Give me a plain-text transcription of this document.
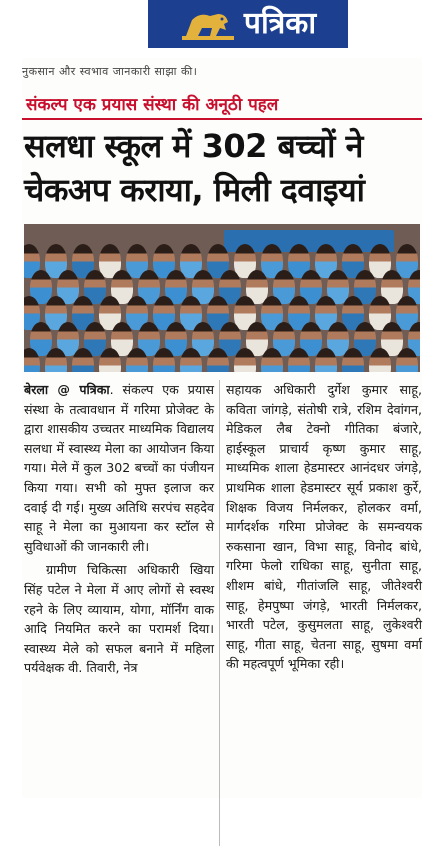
पत्रिका
नुकसान और स्वभाव जानकारी साझा की।
संकल्प एक प्रयास संस्था की अनूठी पहल
सलधा स्कूल में 302 बच्चों ने
चेकअप कराया, मिली दवाइयां

बेरला @ पत्रिका. संकल्प एक प्रयास संस्था के तत्वावधान में गरिमा प्रोजेक्ट के द्वारा शासकीय उच्चतर माध्यमिक विद्यालय सलधा में स्वास्थ्य मेला का आयोजन किया गया। मेले में कुल 302 बच्चों का पंजीयन किया गया। सभी को मुफ्त इलाज कर दवाई दी गई। मुख्य अतिथि सरपंच सहदेव साहू ने मेला का मुआयना कर स्टॉल से सुविधाओं की जानकारी ली।

ग्रामीण चिकित्सा अधिकारी खिया सिंह पटेल ने मेला में आए लोगों से स्वस्थ रहने के लिए व्यायाम, योगा, मॉर्निंग वाक आदि नियमित करने का परामर्श दिया। स्वास्थ्य मेले को सफल बनाने में महिला पर्यवेक्षक वी. तिवारी, नेत्र

सहायक अधिकारी दुर्गेश कुमार साहू, कविता जांगड़े, संतोषी रात्रे, रशिम देवांगन, मेडिकल लैब टेक्नो गीतिका बंजारे, हाईस्कूल प्राचार्य कृष्ण कुमार साहू, माध्यमिक शाला हेडमास्टर आनंदधर जंगड़े, प्राथमिक शाला हेडमास्टर सूर्य प्रकाश कुर्रे, शिक्षक विजय निर्मलकर, होलकर वर्मा, मार्गदर्शक गरिमा प्रोजेक्ट के समन्वयक रुकसाना खान, विभा साहू, विनोद बांधे, गरिमा फेलो राधिका साहू, सुनीता साहू, शीशम बांधे, गीतांजलि साहू, जीतेश्वरी साहू, हेमपुष्पा जंगड़े, भारती निर्मलकर, भारती पटेल, कुसुमलता साहू, लुकेश्वरी साहू, गीता साहू, चेतना साहू, सुषमा वर्मा की महत्वपूर्ण भूमिका रही।
